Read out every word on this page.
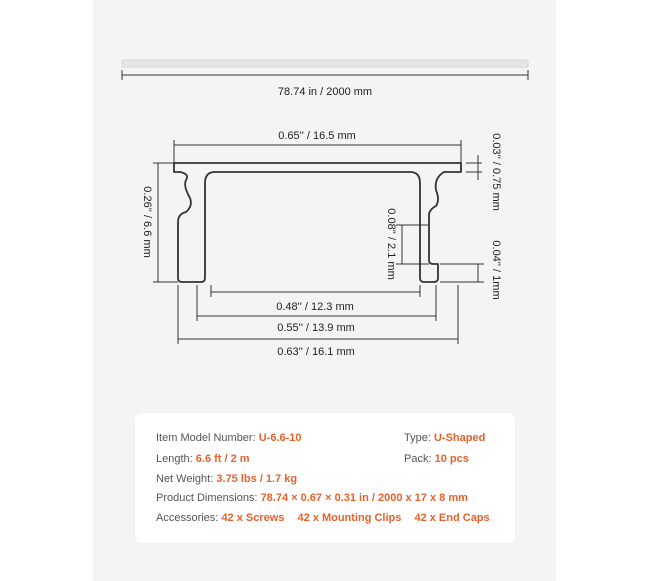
78.74 in / 2000 mm
0.65'' / 16.5 mm	0.03'' / 0.75 mm
0.26'' / 6.6 mm	0.08'' / 2.1 mm	0.04'' / 1mm
0.48'' / 12.3 mm
0.55'' / 13.9 mm
0.63'' / 16.1 mm
Item Model Number: U-6.6-10	Type: U-Shaped
Length: 6.6 ft / 2 m	Pack: 10 pcs
Net Weight: 3.75 lbs / 1.7 kg
Product Dimensions: 78.74 × 0.67 × 0.31 in / 2000 x 17 x 8 mm
Accessories: 42 x Screws 42 x Mounting Clips 42 x End Caps
